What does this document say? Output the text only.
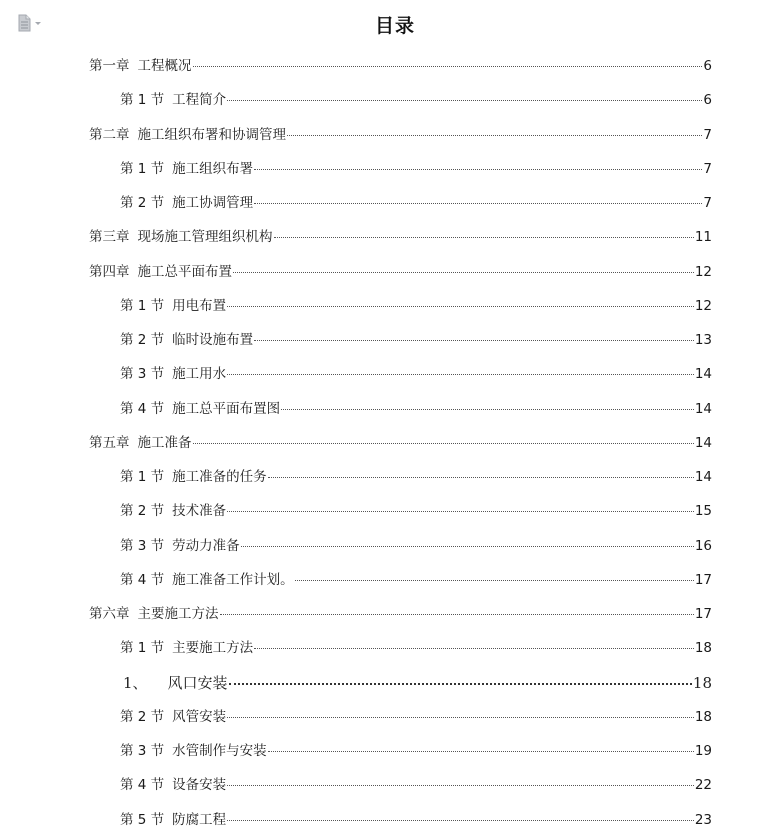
目录
第一章 工程概况	6
第 1 节 工程简介	6
第二章 施工组织布署和协调管理	7
第 1 节 施工组织布署	7
第 2 节 施工协调管理	7
第三章 现场施工管理组织机构	11
第四章 施工总平面布置	12
第 1 节 用电布置	12
第 2 节 临时设施布置	13
第 3 节 施工用水	14
第 4 节 施工总平面布置图	14
第五章 施工准备	14
第 1 节 施工准备的任务	14
第 2 节 技术准备	15
第 3 节 劳动力准备	16
第 4 节 施工准备工作计划。	17
第六章 主要施工方法	17
第 1 节 主要施工方法	18
1、 风口安装	18
第 2 节 风管安装	18
第 3 节 水管制作与安装	19
第 4 节 设备安装	22
第 5 节 防腐工程	23
